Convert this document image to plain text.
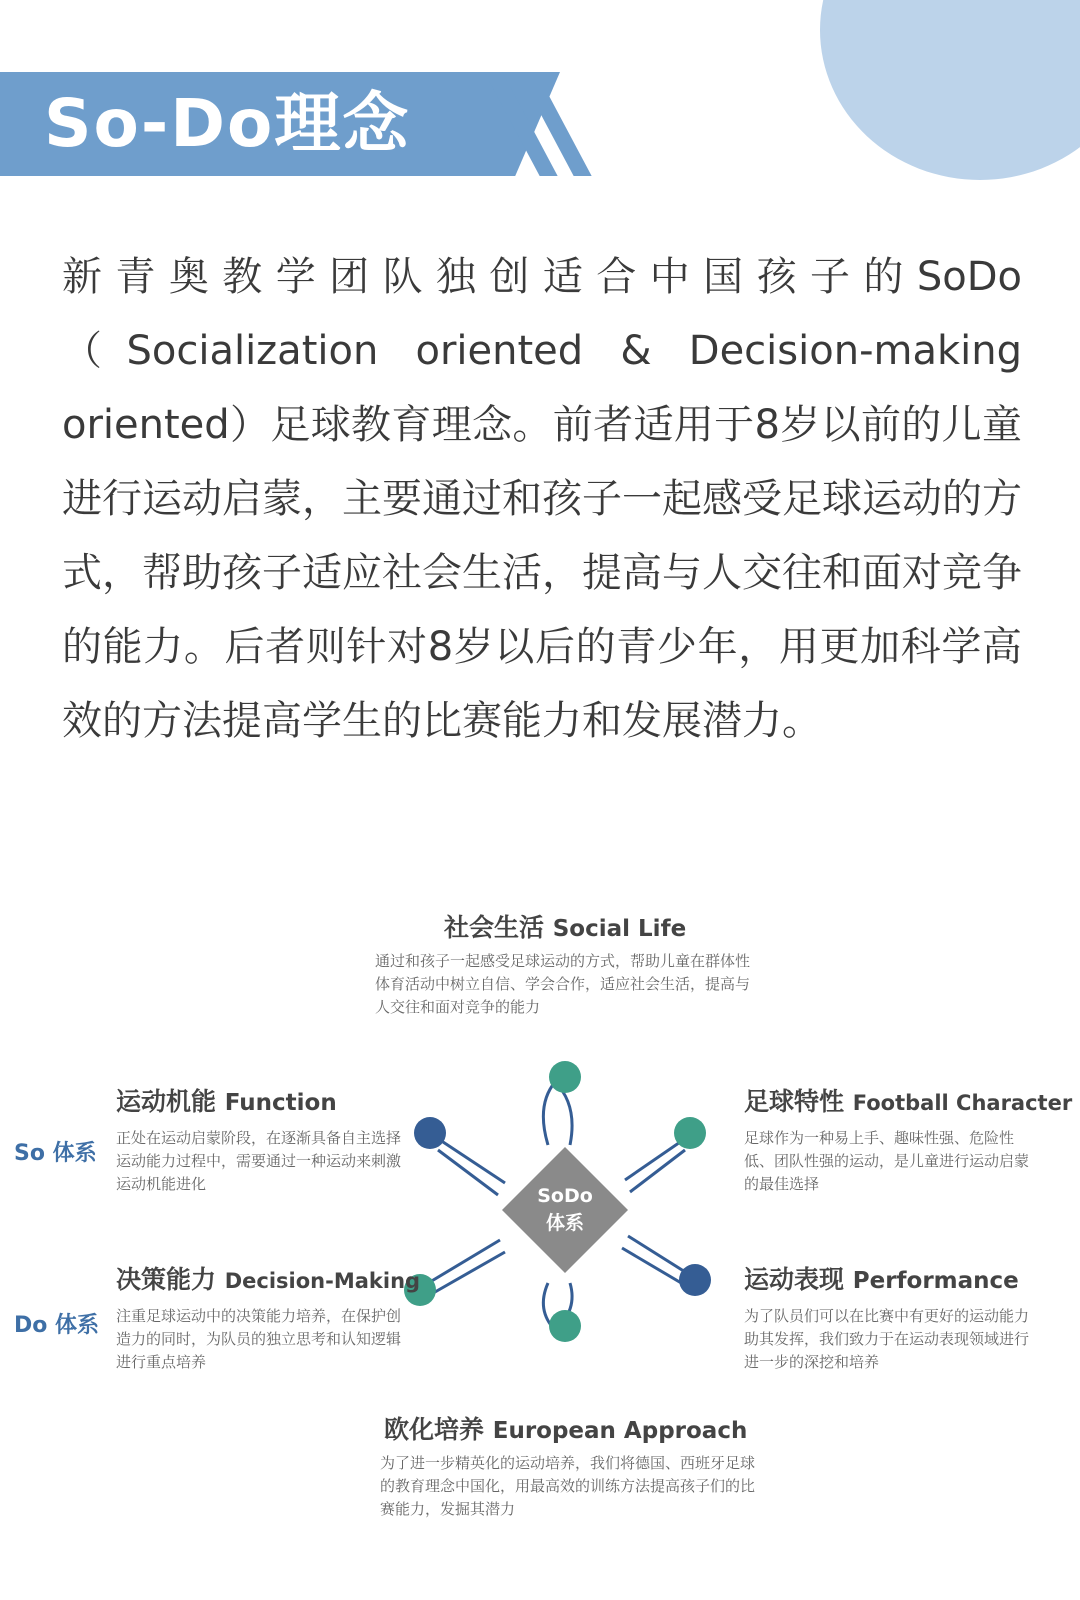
So-Do理念
新青奥教学团队独创适合中国孩子的SoDo（Socialization oriented & Decision-making oriented）足球教育理念。前者适用于8岁以前的儿童进行运动启蒙，主要通过和孩子一起感受足球运动的方式，帮助孩子适应社会生活，提高与人交往和面对竞争的能力。后者则针对8岁以后的青少年，用更加科学高效的方法提高学生的比赛能力和发展潜力。
SoDo
体系
社会生活 Social Life
通过和孩子一起感受足球运动的方式，帮助儿童在群体性体育活动中树立自信、学会合作，适应社会生活，提高与人交往和面对竞争的能力
运动机能 Function
正处在运动启蒙阶段，在逐渐具备自主选择运动能力过程中，需要通过一种运动来刺激运动机能进化
足球特性 Football Character
足球作为一种易上手、趣味性强、危险性低、团队性强的运动，是儿童进行运动启蒙的最佳选择
决策能力 Decision-Making
注重足球运动中的决策能力培养，在保护创造力的同时，为队员的独立思考和认知逻辑进行重点培养
运动表现 Performance
为了队员们可以在比赛中有更好的运动能力助其发挥，我们致力于在运动表现领域进行进一步的深挖和培养
欧化培养 European Approach
为了进一步精英化的运动培养，我们将德国、西班牙足球的教育理念中国化，用最高效的训练方法提高孩子们的比赛能力，发掘其潜力
So 体系
Do 体系
